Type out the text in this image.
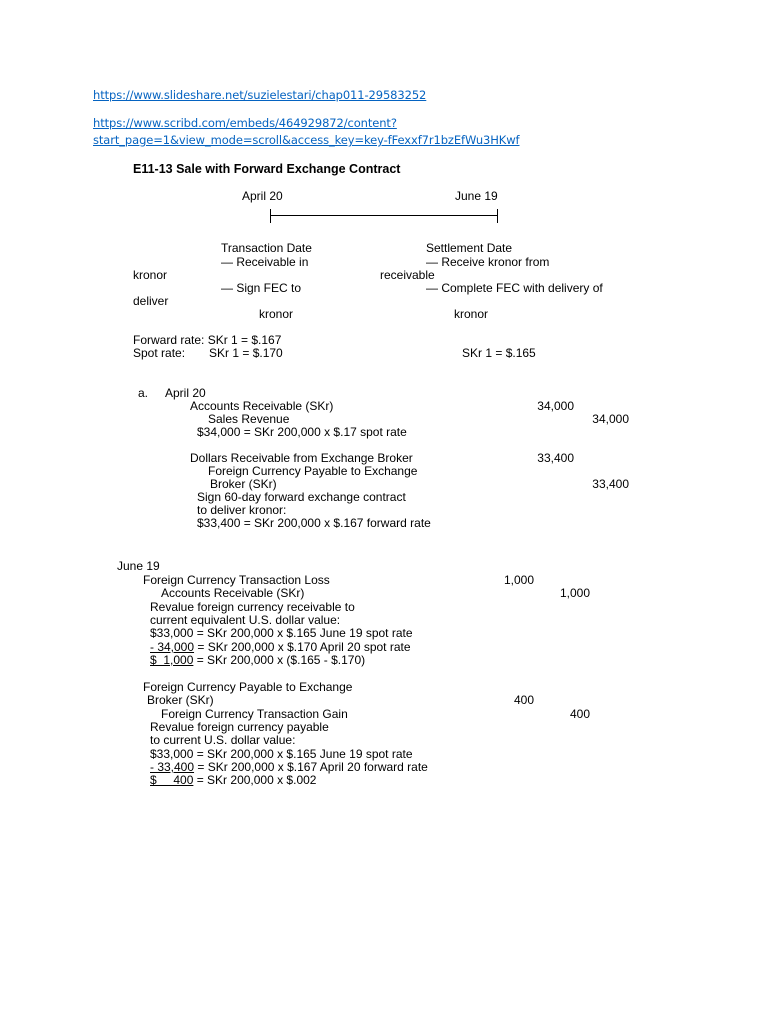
https://www.slideshare.net/suzielestari/chap011-29583252
https://www.scribd.com/embeds/464929872/content?
start_page=1&view_mode=scroll&access_key=key-fFexxf7r1bzEfWu3HKwf
E11-13 Sale with Forward Exchange Contract
April 20	June 19
Transaction Date
— Receivable in
kronor
— Sign FEC to
deliver
kronor
Settlement Date
— Receive kronor from
receivable
— Complete FEC with delivery of
kronor
Forward rate: SKr 1 = $.167
Spot rate: SKr 1 = $.170	SKr 1 = $.165
a. April 20
Accounts Receivable (SKr)	34,000
Sales Revenue	34,000
$34,000 = SKr 200,000 x $.17 spot rate
Dollars Receivable from Exchange Broker	33,400
Foreign Currency Payable to Exchange
Broker (SKr)	33,400
Sign 60-day forward exchange contract
to deliver kronor:
$33,400 = SKr 200,000 x $.167 forward rate
June 19
Foreign Currency Transaction Loss	1,000
Accounts Receivable (SKr)	1,000
Revalue foreign currency receivable to
current equivalent U.S. dollar value:
$33,000 = SKr 200,000 x $.165 June 19 spot rate
- 34,000 = SKr 200,000 x $.170 April 20 spot rate
$  1,000 = SKr 200,000 x ($.165 - $.170)
Foreign Currency Payable to Exchange
Broker (SKr)	400
Foreign Currency Transaction Gain	400
Revalue foreign currency payable
to current U.S. dollar value:
$33,000 = SKr 200,000 x $.165 June 19 spot rate
- 33,400 = SKr 200,000 x $.167 April 20 forward rate
$     400 = SKr 200,000 x $.002
